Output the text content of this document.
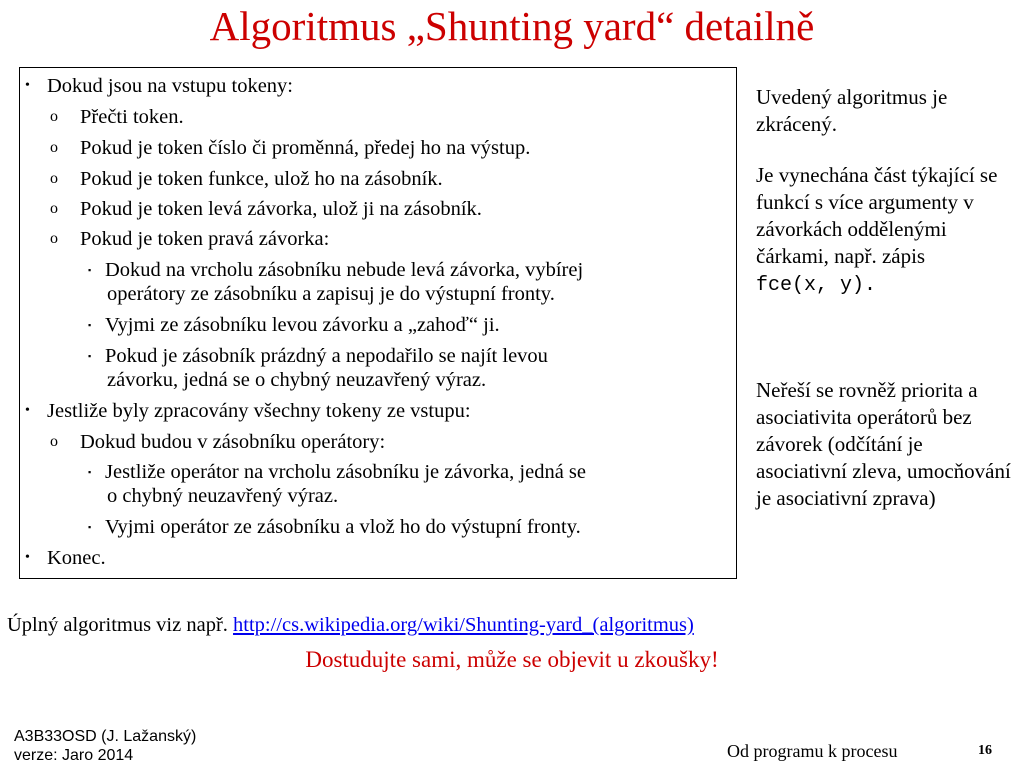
Algoritmus „Shunting yard“ detailně
• Dokud jsou na vstupu tokeny:
o Přečti token.
o Pokud je token číslo či proměnná, předej ho na výstup.
o Pokud je token funkce, ulož ho na zásobník.
o Pokud je token levá závorka, ulož ji na zásobník.
o Pokud je token pravá závorka:
▪ Dokud na vrcholu zásobníku nebude levá závorka, vybírej
operátory ze zásobníku a zapisuj je do výstupní fronty.
▪ Vyjmi ze zásobníku levou závorku a „zahoď“ ji.
▪ Pokud je zásobník prázdný a nepodařilo se najít levou
závorku, jedná se o chybný neuzavřený výraz.
• Jestliže byly zpracovány všechny tokeny ze vstupu:
o Dokud budou v zásobníku operátory:
▪ Jestliže operátor na vrcholu zásobníku je závorka, jedná se
o chybný neuzavřený výraz.
▪ Vyjmi operátor ze zásobníku a vlož ho do výstupní fronty.
• Konec.
Uvedený algoritmus je zkrácený.
Je vynechána část týkající se funkcí s více argumenty v závorkách oddělenými čárkami, např. zápis
fce(x, y).
Neřeší se rovněž priorita a asociativita operátorů bez závorek (odčítání je asociativní zleva, umocňování je asociativní zprava)
Úplný algoritmus viz např. http://cs.wikipedia.org/wiki/Shunting-yard_(algoritmus)
Dostudujte sami, může se objevit u zkoušky!
A3B33OSD (J. Lažanský)
verze: Jaro 2014	Od programu k procesu	16
